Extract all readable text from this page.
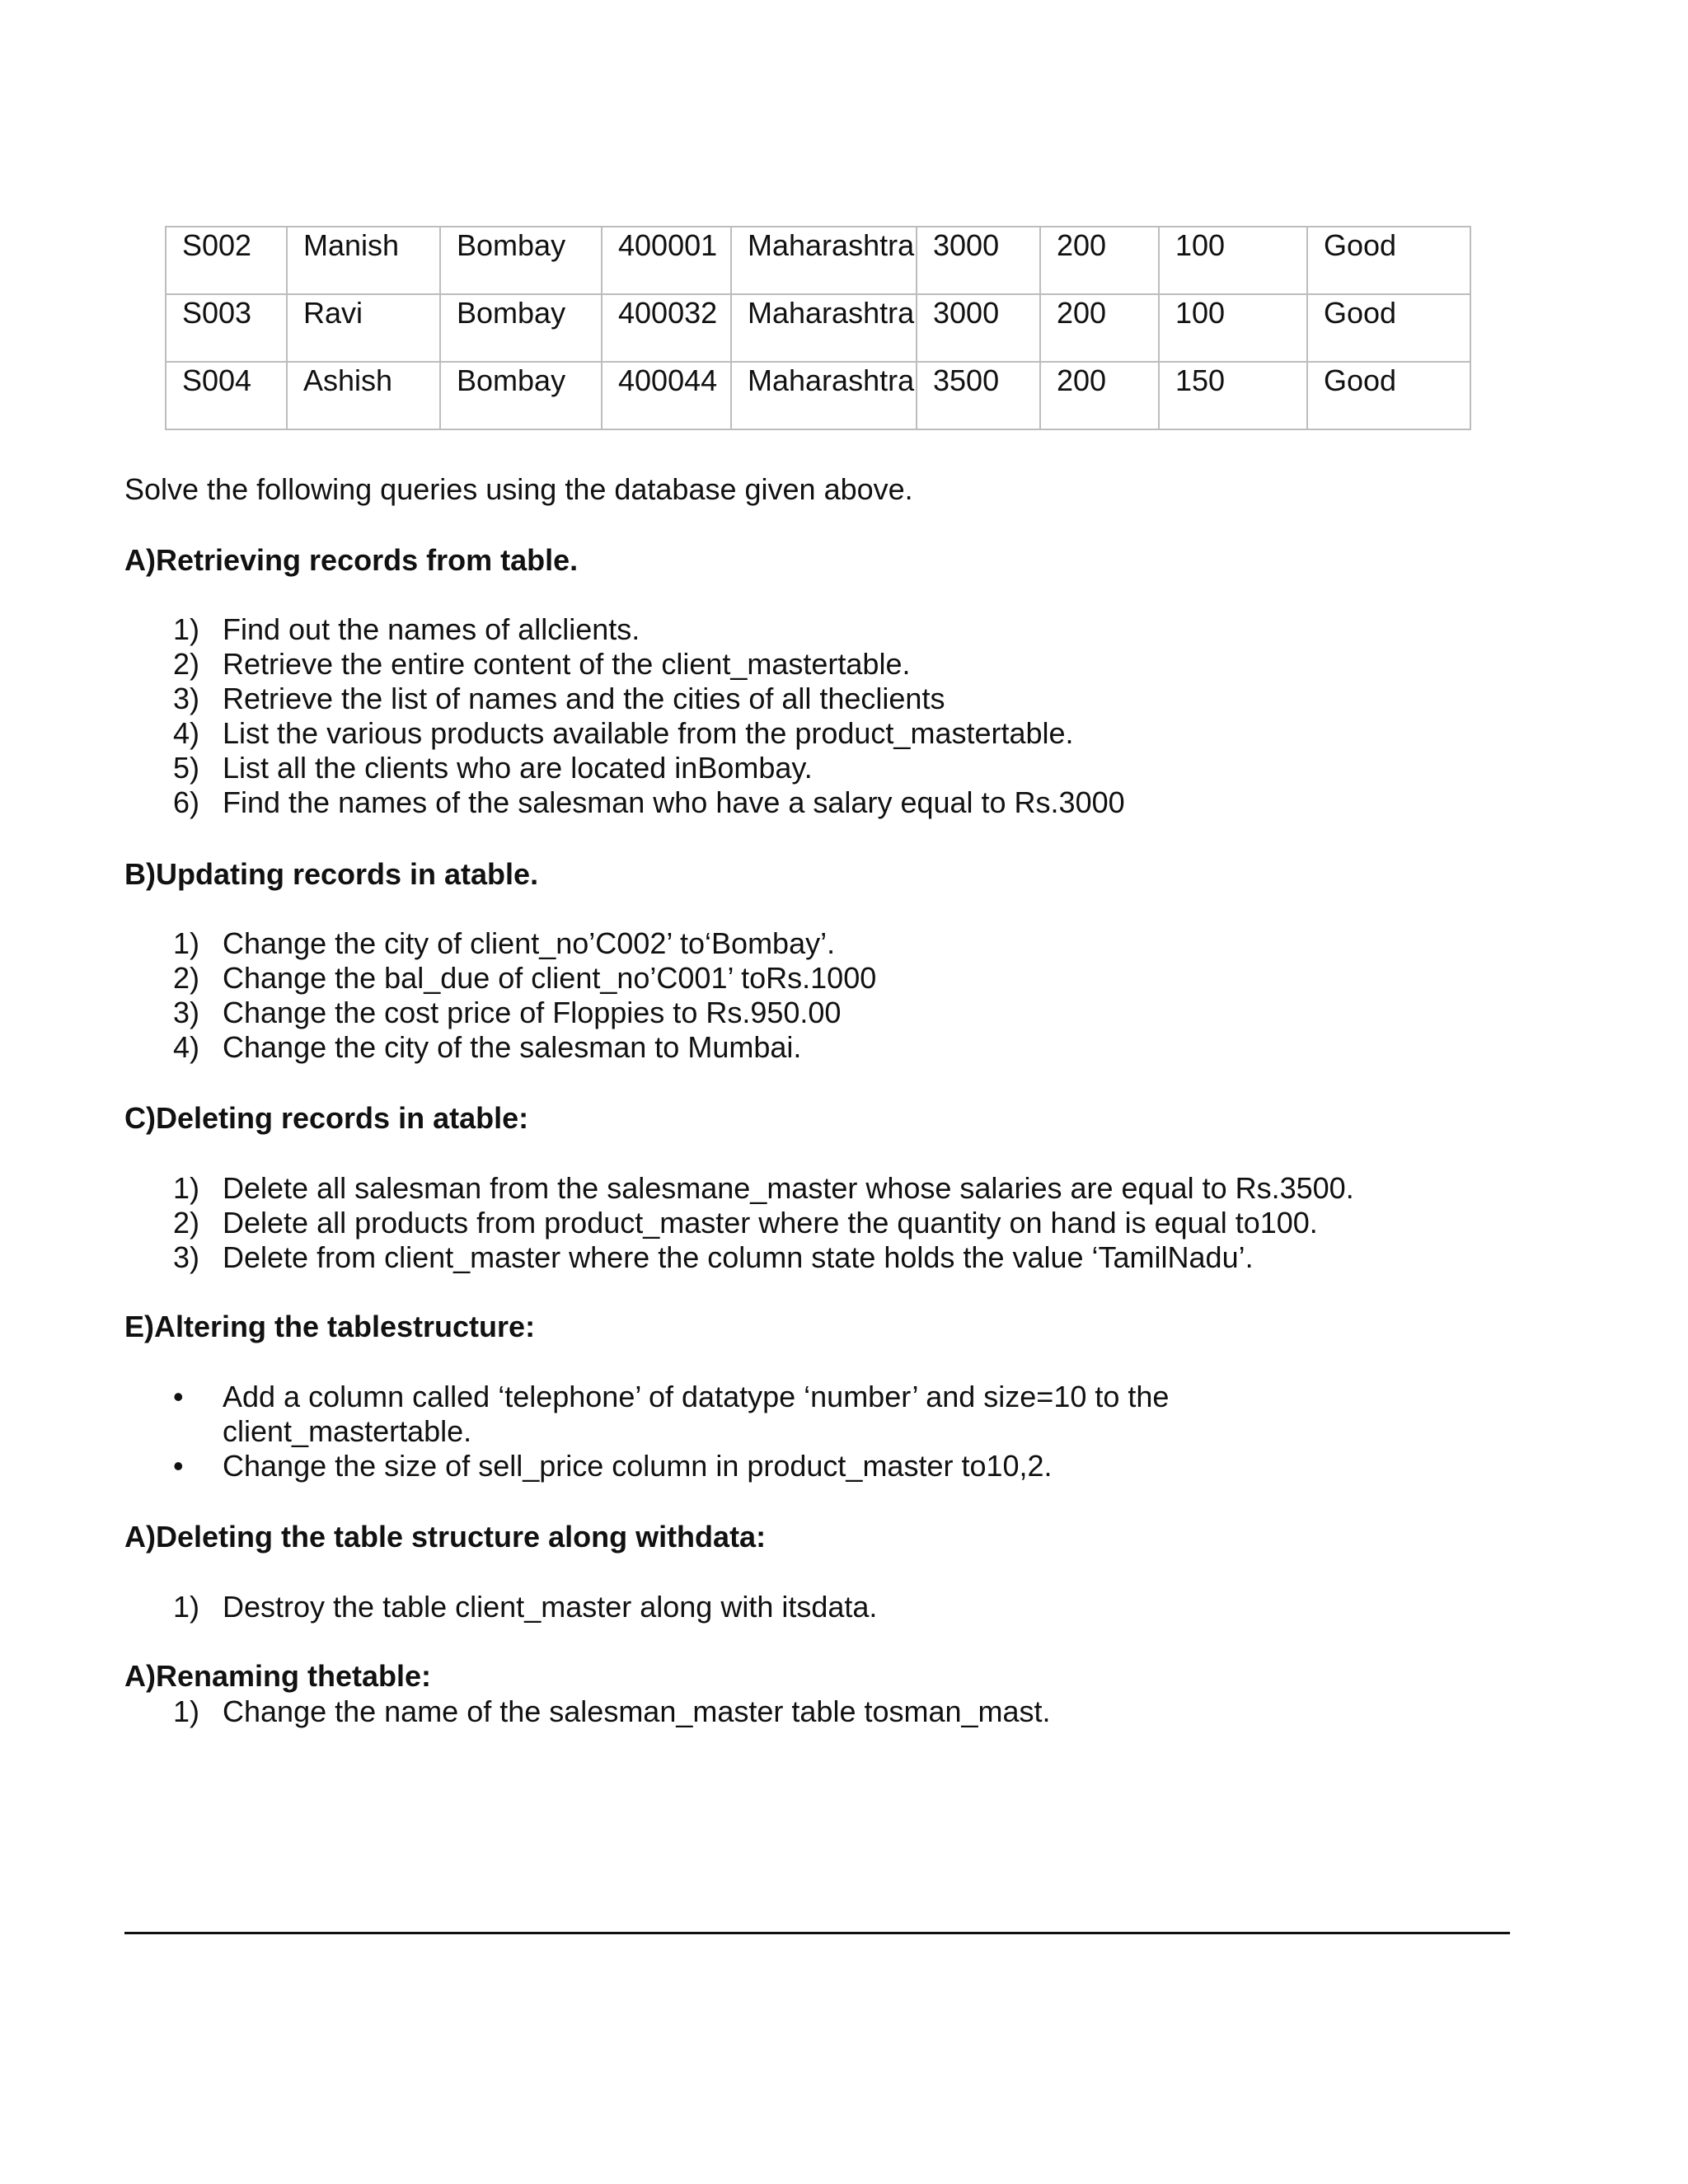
S002	Manish	Bombay	400001	Maharashtra	3000	200	100	Good

S003	Ravi	Bombay	400032	Maharashtra	3000	200	100	Good

S004	Ashish	Bombay	400044	Maharashtra	3500	200	150	Good

Solve the following queries using the database given above.

A)Retrieving records from table.

1) Find out the names of allclients.
2) Retrieve the entire content of the client_mastertable.
3) Retrieve the list of names and the cities of all theclients
4) List the various products available from the product_mastertable.
5) List all the clients who are located inBombay.
6) Find the names of the salesman who have a salary equal to Rs.3000

B)Updating records in atable.

1) Change the city of client_no’C002’ to‘Bombay’.
2) Change the bal_due of client_no’C001’ toRs.1000
3) Change the cost price of Floppies to Rs.950.00
4) Change the city of the salesman to Mumbai.

C)Deleting records in atable:

1) Delete all salesman from the salesmane_master whose salaries are equal to Rs.3500.
2) Delete all products from product_master where the quantity on hand is equal to100.
3) Delete from client_master where the column state holds the value ‘TamilNadu’.

E)Altering the tablestructure:

•	Add a column called ‘telephone’ of datatype ‘number’ and size=10 to the client_mastertable.
•	Change the size of sell_price column in product_master to10,2.

A)Deleting the table structure along withdata:

1) Destroy the table client_master along with itsdata.

A)Renaming thetable:

1) Change the name of the salesman_master table tosman_mast.
